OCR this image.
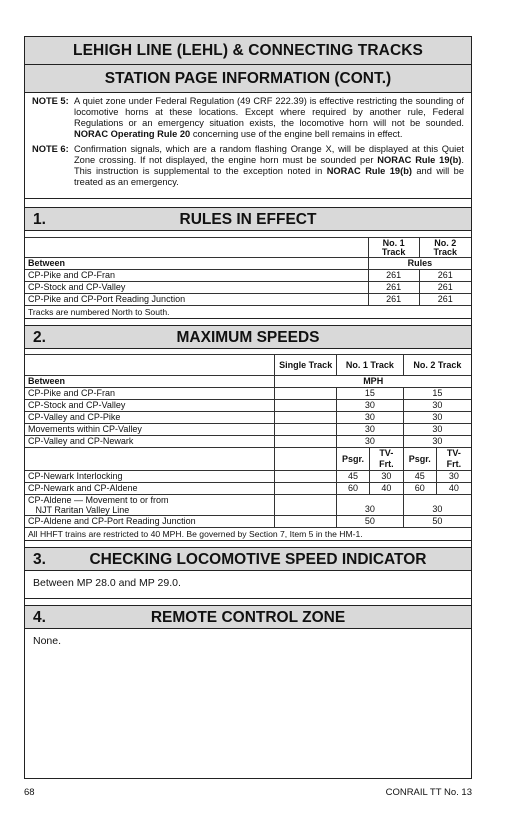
LEHIGH LINE (LEHL) & CONNECTING TRACKS
STATION PAGE INFORMATION (CONT.)
NOTE 5: A quiet zone under Federal Regulation (49 CRF 222.39) is effective restricting the sounding of locomotive horns at these locations. Except where required by another rule, Federal Regulations or an emergency situation exists, the locomotive horn will not be sounded. NORAC Operating Rule 20 concerning use of the engine bell remains in effect.
NOTE 6: Confirmation signals, which are a random flashing Orange X, will be displayed at this Quiet Zone crossing. If not displayed, the engine horn must be sounded per NORAC Rule 19(b). This instruction is supplemental to the exception noted in NORAC Rule 19(b) and will be treated as an emergency.
1.	RULES IN EFFECT
	No. 1 Track	No. 2 Track
Between	Rules	
CP-Pike and CP-Fran	261	261
CP-Stock and CP-Valley	261	261
CP-Pike and CP-Port Reading Junction	261	261
Tracks are numbered North to South.
2.	MAXIMUM SPEEDS
	Single Track	No. 1 Track		No. 2 Track	
Between	MPH				
CP-Pike and CP-Fran		15		15	
CP-Stock and CP-Valley		30		30	
CP-Valley and CP-Pike		30		30	
Movements within CP-Valley		30		30	
CP-Valley and CP-Newark		30		30	
		Psgr.	TV-Frt.	Psgr.	TV-Frt.
CP-Newark Interlocking		45	30	45	30
CP-Newark and CP-Aldene		60	40	60	40
CP-Aldene — Movement to or from
NJT Raritan Valley Line		30		30	
CP-Aldene and CP-Port Reading Junction		50		50	
All HHFT trains are restricted to 40 MPH. Be governed by Section 7, Item 5 in the HM-1.
3.	CHECKING LOCOMOTIVE SPEED INDICATOR
Between MP 28.0 and MP 29.0.
4.	REMOTE CONTROL ZONE
None.
68	CONRAIL TT No. 13
